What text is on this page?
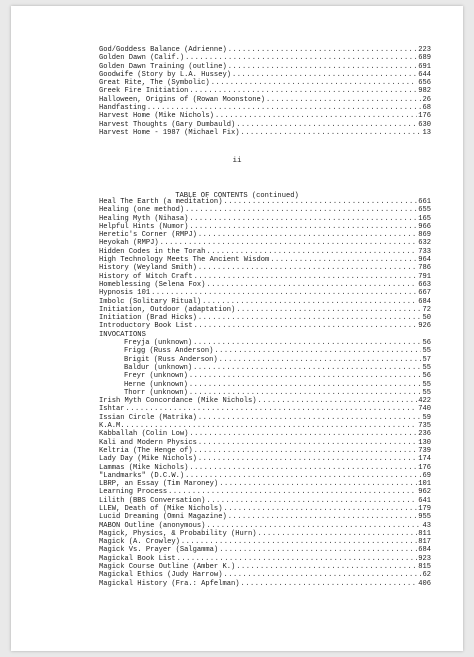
God/Goddess Balance (Adrienne) .....	223
Golden Dawn (Calif.) .....	689
Golden Dawn Training (outline) .....	691
Goodwife (Story by L.A. Hussey) .....	644
Great Rite, The (Symbolic) .....	656
Greek Fire Initiation .....	982
Halloween, Origins of (Rowan Moonstone) .....	26
Handfasting .....	68
Harvest Home (Mike Nichols) .....	176
Harvest Thoughts (Gary Dumbauld) .....	630
Harvest Home - 1987 (Michael Fix) .....	13
ii
TABLE OF CONTENTS (continued)
Heal The Earth (a meditation) .....	661
Healing (one method) .....	655
Healing Myth (Nihasa) .....	165
Helpful Hints (Numor) .....	966
Heretic's Corner (RMPJ) .....	869
Heyokah (RMPJ) .....	632
Hidden Codes in the Torah .....	733
High Technology Meets The Ancient Wisdom .....	964
History (Weyland Smith) .....	786
History of Witch Craft .....	791
Homeblessing (Selena Fox) .....	663
Hypnosis 101 .....	667
Imbolc (Solitary Ritual) .....	684
Initiation, Outdoor (adaptation) .....	72
Initiation (Brad Hicks) .....	50
Introductory Book List .....	926
INVOCATIONS
Freyja (unknown) .....	56
Frigg (Russ Anderson) .....	55
Brigit (Russ Anderson) .....	57
Baldur (unknown) .....	55
Freyr (unknown) .....	56
Herne (unknown) .....	55
Thorr (unknown) .....	55
Irish Myth Concordance (Mike Nichols) .....	422
Ishtar .....	740
Issian Circle (Matrika) .....	59
K.A.M. .....	735
Kabballah (Colin Low) .....	236
Kali and Modern Physics .....	130
Keltria (The Henge of) .....	739
Lady Day (Mike Nichols) .....	174
Lammas (Mike Nichols) .....	176
"Landmarks" (D.C.W.) .....	69
LBRP, an Essay (Tim Maroney) .....	101
Learning Process .....	962
Lilith (BBS Conversation) .....	641
LLEW, Death of (Mike Nichols) .....	179
Lucid Dreaming (Omni Magazine) .....	955
MABON Outline (anonymous) .....	43
Magick, Physics, & Probability (Hurn) .....	811
Magick (A. Crowley) .....	817
Magick Vs. Prayer (Salgamma) .....	684
Magickal Book List .....	923
Magick Course Outline (Amber K.) .....	815
Magickal Ethics (Judy Harrow) .....	62
Magickal History (Fra.: Apfelman) .....	406
